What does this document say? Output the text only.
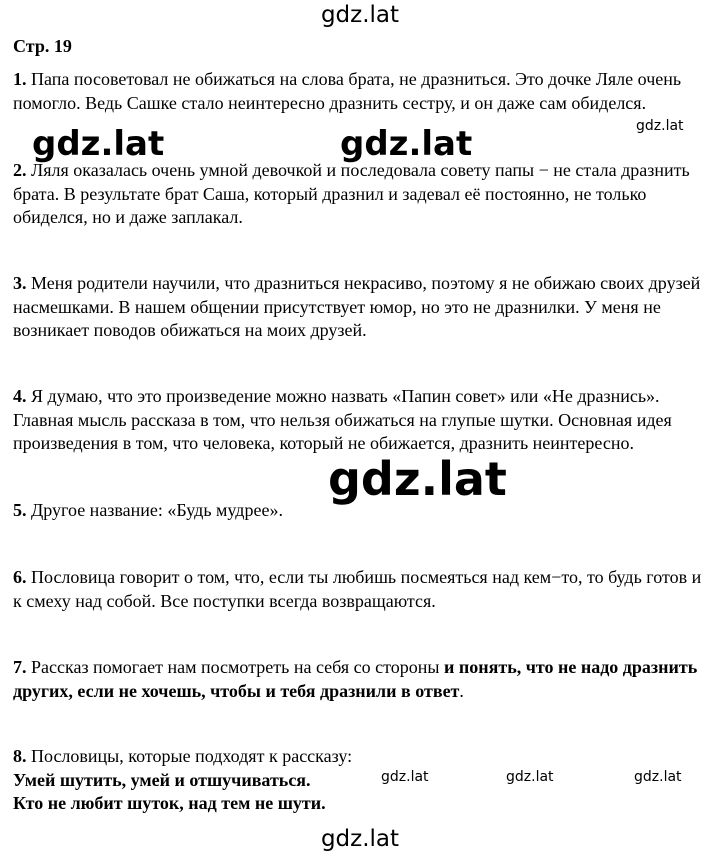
gdz.lat
gdz.lat	gdz.lat
gdz.lat
gdz.lat
gdz.lat	gdz.lat	gdz.lat
gdz.lat
Стр. 19
1. Папа посоветовал не обижаться на слова брата, не дразниться. Это дочке Ляле очень помогло. Ведь Сашке стало неинтересно дразнить сестру, и он даже сам обиделся.
2. Ляля оказалась очень умной девочкой и последовала совету папы − не стала дразнить брата. В результате брат Саша, который дразнил и задевал её постоянно, не только обиделся, но и даже заплакал.
3. Меня родители научили, что дразниться некрасиво, поэтому я не обижаю своих друзей насмешками. В нашем общении присутствует юмор, но это не дразнилки. У меня не возникает поводов обижаться на моих друзей.
4. Я думаю, что это произведение можно назвать «Папин совет» или «Не дразнись». Главная мысль рассказа в том, что нельзя обижаться на глупые шутки. Основная идея произведения в том, что человека, который не обижается, дразнить неинтересно.
5. Другое название: «Будь мудрее».
6. Пословица говорит о том, что, если ты любишь посмеяться над кем−то, то будь готов и к смеху над собой. Все поступки всегда возвращаются.
7. Рассказ помогает нам посмотреть на себя со стороны и понять, что не надо дразнить других, если не хочешь, чтобы и тебя дразнили в ответ.
8. Пословицы, которые подходят к рассказу:
Умей шутить, умей и отшучиваться.
Кто не любит шуток, над тем не шути.
